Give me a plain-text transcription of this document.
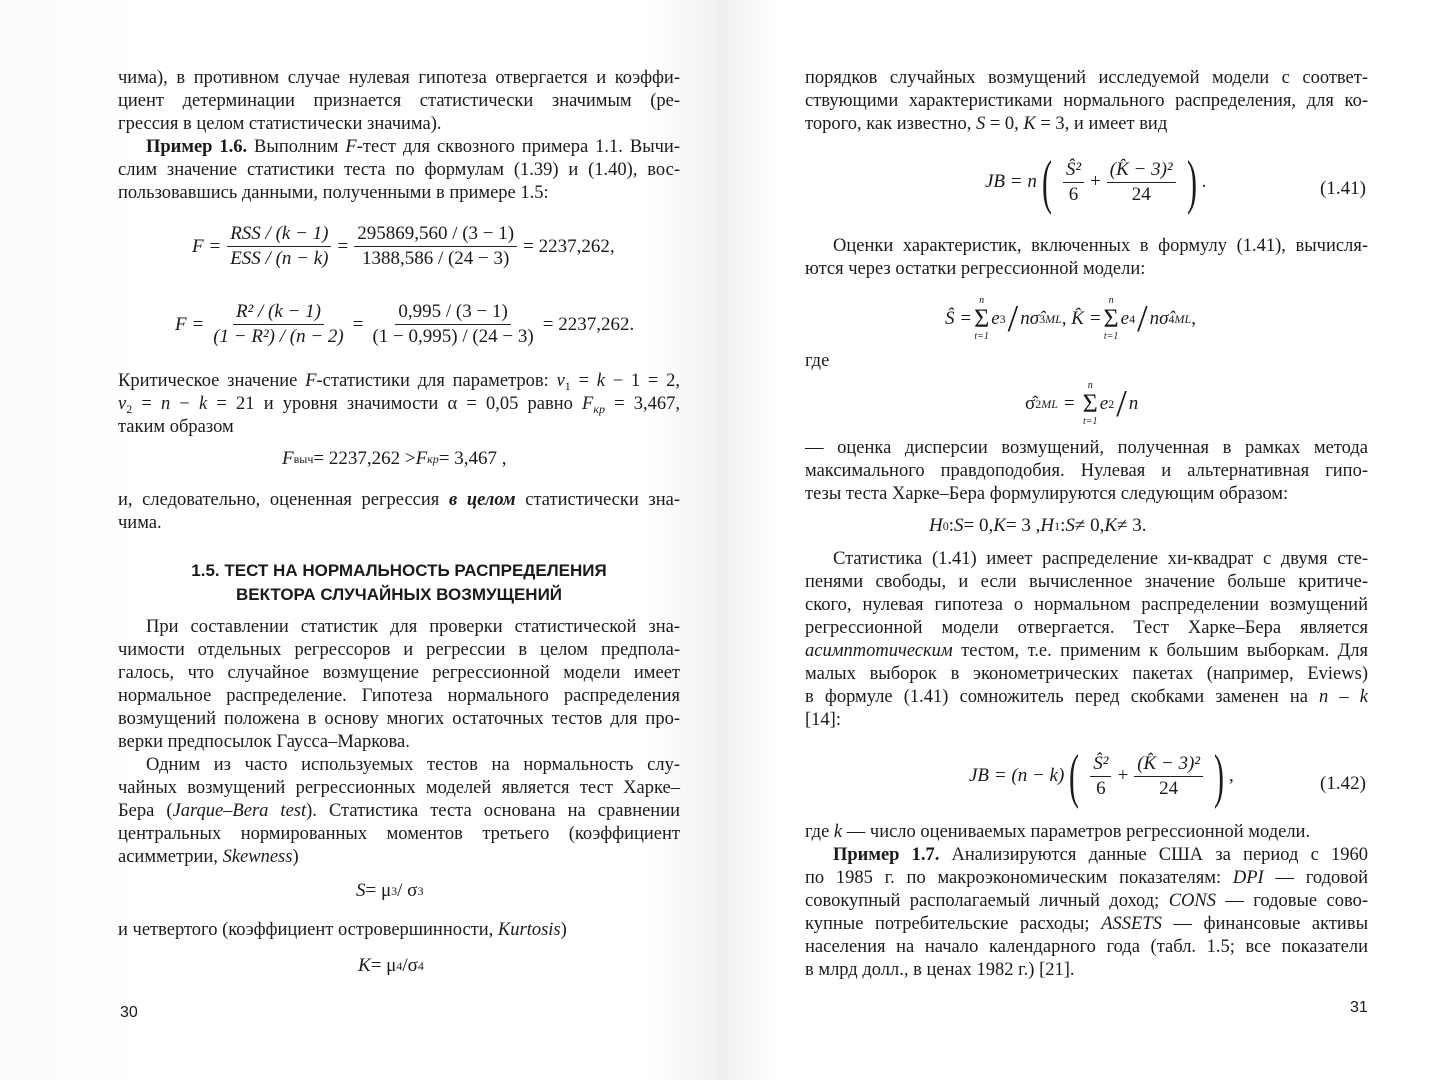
чима), в противном случае нулевая гипотеза отвергается и коэффи-
циент детерминации признается статистически значимым (ре-
грессия в целом статистически значима).
Пример 1.6. Выполним F-тест для сквозного примера 1.1. Вычи-
слим значение статистики теста по формулам (1.39) и (1.40), вос-
пользовавшись данными, полученными в примере 1.5:
$F = \frac{\text{RSS / (k − 1)}}{\text{ESS / (n − k)}} = \frac{295869,560 / (3 - 1)}{1388,586 / (24 - 3)} = 2237,262$,
$F = \frac{\text{R² / (k − 1)}}{\text{(1 − R²) / (n − 2)}} = \frac{0,995 / (3 - 1)}{(1 - 0,995) / (24 - 3)} = 2237,262$.
Критическое значение F-статистики для параметров: $\nu_1 = k - 1 = 2$,
$\nu_2 = n - k = 21$ и уровня значимости α = 0,05 равно $F_{кр} = 3,467$,
таким образом
F выч = 2237,262 > F кр = 3,467 ,
и, следовательно, оцененная регрессия в целом статистически зна-
чима.
1.5. ТЕСТ НА НОРМАЛЬНОСТЬ РАСПРЕДЕЛЕНИЯ
ВЕКТОРА СЛУЧАЙНЫХ ВОЗМУЩЕНИЙ
При составлении статистик для проверки статистической зна-
чимости отдельных регрессоров и регрессии в целом предпола-
галось, что случайное возмущение регрессионной модели имеет
нормальное распределение. Гипотеза нормального распределения
возмущений положена в основу многих остаточных тестов для про-
верки предпосылок Гаусса–Маркова.
Одним из часто используемых тестов на нормальность слу-
чайных возмущений регрессионных моделей является тест Харке–
Бера (Jarque–Bera test). Статистика теста основана на сравнении
центральных нормированных моментов третьего (коэффициент
асимметрии, Skewness)
S = μ 3 / σ 3
и четвертого (коэффициент островершинности, Kurtosis)
K = μ 4 /σ 4
30
порядков случайных возмущений исследуемой модели с соответ-
ствующими характеристиками нормального распределения, для ко-
торого, как известно, S = 0, K = 3, и имеет вид
JB = n ( $\frac{\text{Ŝ²}}{6} + \frac{\text{(K̂ − 3)²}}{24}$ ) .	(1.41)
Оценки характеристик, включенных в формулу (1.41), вычисля-
ются через остатки регрессионной модели:
Ŝ =
n
Σ
t=1
e 3 / nσ̂ 3 ML , K̂ =
n
Σ
t=1
e 4 / nσ̂ 4 ML ,
где
σ̂ 2 ML =
n
Σ
t=1
e 2 / n
— оценка дисперсии возмущений, полученная в рамках метода
максимального правдоподобия. Нулевая и альтернативная гипо-
тезы теста Харке–Бера формулируются следующим образом:
H 0 : S = 0, K = 3 , H 1 : S ≠ 0, K ≠ 3.
Статистика (1.41) имеет распределение хи-квадрат с двумя сте-
пенями свободы, и если вычисленное значение больше критиче-
ского, нулевая гипотеза о нормальном распределении возмущений
регрессионной модели отвергается. Тест Харке–Бера является
асимптотическим тестом, т.е. применим к большим выборкам. Для
малых выборок в эконометрических пакетах (например, Eviews)
в формуле (1.41) сомножитель перед скобками заменен на n – k
[14]:
JB = (n − k) ( $\frac{\text{Ŝ²}}{6} + \frac{\text{(K̂ − 3)²}}{24}$ ) ,	(1.42)
где k — число оцениваемых параметров регрессионной модели.
Пример 1.7. Анализируются данные США за период с 1960
по 1985 г. по макроэкономическим показателям: DPI — годовой
совокупный располагаемый личный доход; CONS — годовые сово-
купные потребительские расходы; ASSETS — финансовые активы
населения на начало календарного года (табл. 1.5; все показатели
в млрд долл., в ценах 1982 г.) [21].
31
